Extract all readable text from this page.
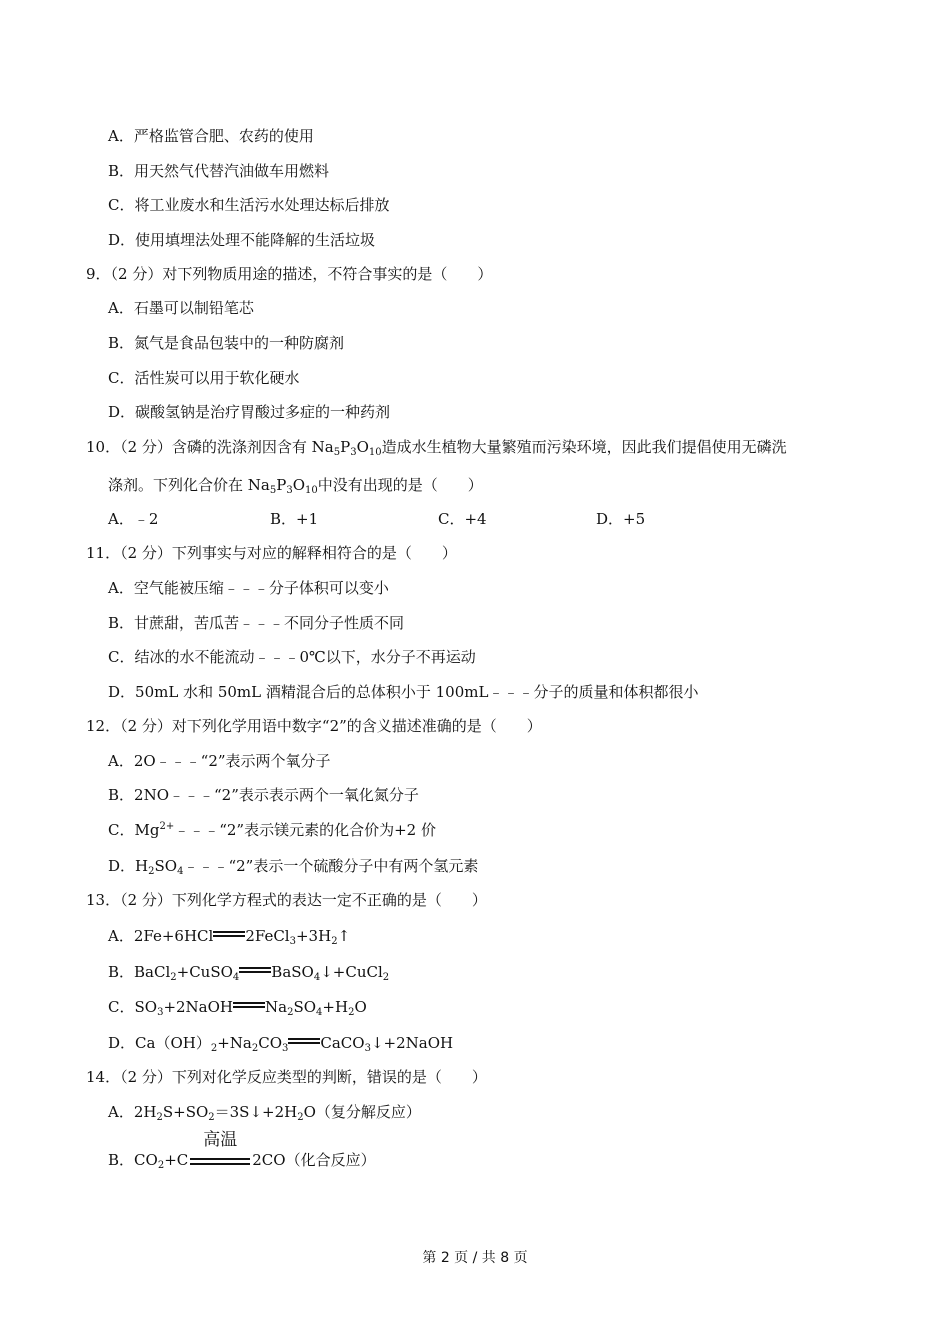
A．严格监管合肥、农药的使用
B．用天然气代替汽油做车用燃料
C．将工业废水和生活污水处理达标后排放
D．使用填埋法处理不能降解的生活垃圾
9．（2 分）对下列物质用途的描述，不符合事实的是（　　）
A．石墨可以制铅笔芯
B．氮气是食品包装中的一种防腐剂
C．活性炭可以用于软化硬水
D．碳酸氢钠是治疗胃酸过多症的一种药剂
10．（2 分）含磷的洗涤剂因含有 $Na_5P_3O_{10}$造成水生植物大量繁殖而污染环境，因此我们提倡使用无磷洗
涤剂。下列化合价在 $Na_5P_3O_{10}$中没有出现的是（　　）
A．﹣2	B．+1	C．+4	D．+5
11．（2 分）下列事实与对应的解释相符合的是（　　）
A．空气能被压缩﹣﹣﹣分子体积可以变小
B．甘蔗甜，苦瓜苦﹣﹣﹣不同分子性质不同
C．结冰的水不能流动﹣﹣﹣0℃以下，水分子不再运动
D．50mL 水和 50mL 酒精混合后的总体积小于 100mL﹣﹣﹣分子的质量和体积都很小
12．（2 分）对下列化学用语中数字“2”的含义描述准确的是（　　）
A．2O﹣﹣﹣“2”表示两个氧分子
B．2NO﹣﹣﹣“2”表示表示两个一氧化氮分子
C．$Mg^{2+}﹣﹣﹣“2$”表示镁元素的化合价为+2 价
D．$H_2SO_4﹣﹣﹣“2$”表示一个硫酸分子中有两个氢元素
13．（2 分）下列化学方程式的表达一定不正确的是（　　）
A．2Fe+6HCl $2FeCl_3+3H_2↑$
B．BaCl$_2$+CuSO$_4$ BaSO$_4$↓+CuCl$_2$
C．$SO_3+2NaOH$ $Na_2SO_4+H_2O$
D．$Ca(OH)_2+Na_2CO_3$ CaCO$_3$↓+2NaOH
14．（2 分）下列对化学反应类型的判断，错误的是（　　）
A．$2H_2S+SO_2=3S↓+2H_2O$（复分解反应）
B．$CO_2+C$
高温
2CO（化合反应）
第 2 页 / 共 8 页
